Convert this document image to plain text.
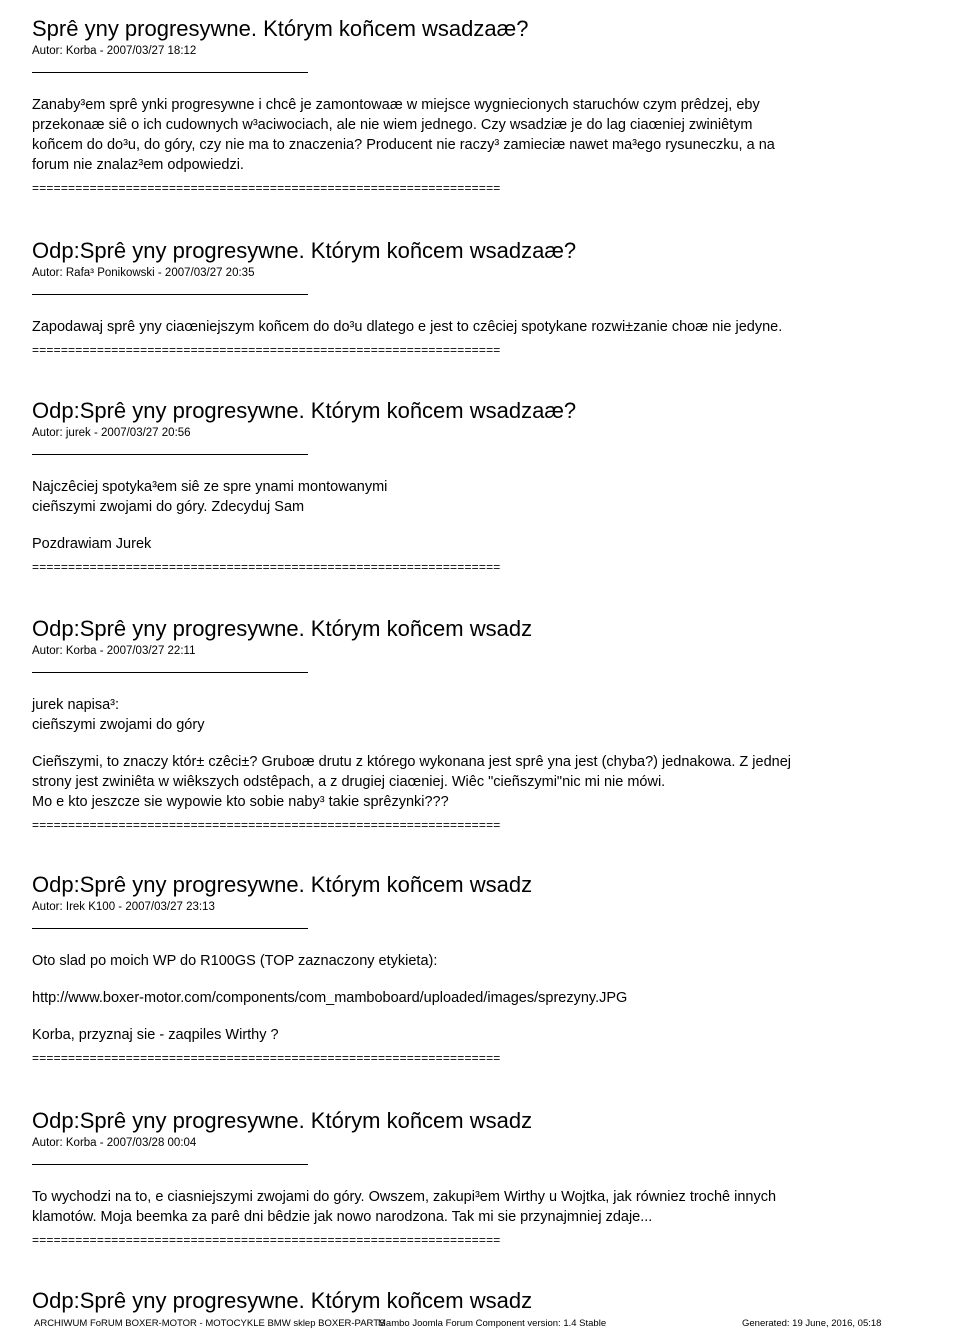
Sprê yny progresywne. Którym koñcem wsadzaæ?
Autor: Korba - 2007/03/27 18:12
Zanaby³em sprê ynki progresywne i chcê je zamontowaæ w miejsce wygniecionych staruchów czym prêdzej, eby
przekonaæ siê o ich cudownych w³aciwociach, ale nie wiem jednego. Czy wsadziæ je do lag ciaœniej zwiniêtym
koñcem do do³u, do góry, czy nie ma to znaczenia? Producent nie raczy³ zamieciæ nawet ma³ego rysuneczku, a na
forum nie znalaz³em odpowiedzi.
=================================================================
Odp:Sprê yny progresywne. Którym koñcem wsadzaæ?
Autor: Rafa³ Ponikowski - 2007/03/27 20:35
Zapodawaj sprê yny ciaœniejszym koñcem do do³u dlatego e jest to czêciej spotykane rozwi±zanie choæ nie jedyne.
=================================================================
Odp:Sprê yny progresywne. Którym koñcem wsadzaæ?
Autor: jurek - 2007/03/27 20:56
Najczêciej spotyka³em siê ze spre ynami montowanymi
cieñszymi zwojami do góry. Zdecyduj Sam
Pozdrawiam Jurek
=================================================================
Odp:Sprê yny progresywne. Którym koñcem wsadz
Autor: Korba - 2007/03/27 22:11
jurek napisa³:
cieñszymi zwojami do góry
Cieñszymi, to znaczy któr± czêci±? Gruboæ drutu z którego wykonana jest sprê yna jest (chyba?) jednakowa. Z jednej
strony jest zwiniêta w wiêkszych odstêpach, a z drugiej ciaœniej. Wiêc "cieñszymi"nic mi nie mówi.
Mo e kto jeszcze sie wypowie kto sobie naby³ takie sprêzynki???
=================================================================
Odp:Sprê yny progresywne. Którym koñcem wsadz
Autor: Irek K100 - 2007/03/27 23:13
Oto slad po moich WP do R100GS (TOP zaznaczony etykieta):
http://www.boxer-motor.com/components/com_mamboboard/uploaded/images/sprezyny.JPG
Korba, przyznaj sie - zaqpiles Wirthy ?
=================================================================
Odp:Sprê yny progresywne. Którym koñcem wsadz
Autor: Korba - 2007/03/28 00:04
To wychodzi na to, e ciasniejszymi zwojami do góry. Owszem, zakupi³em Wirthy u Wojtka, jak równiez trochê innych
klamotów. Moja beemka za parê dni bêdzie jak nowo narodzona. Tak mi sie przynajmniej zdaje...
=================================================================
Odp:Sprê yny progresywne. Którym koñcem wsadz
ARCHIWUM FoRUM BOXER-MOTOR - MOTOCYKLE BMW sklep BOXER-PARTS
Mambo Joomla Forum Component version: 1.4 Stable	Generated: 19 June, 2016, 05:18
